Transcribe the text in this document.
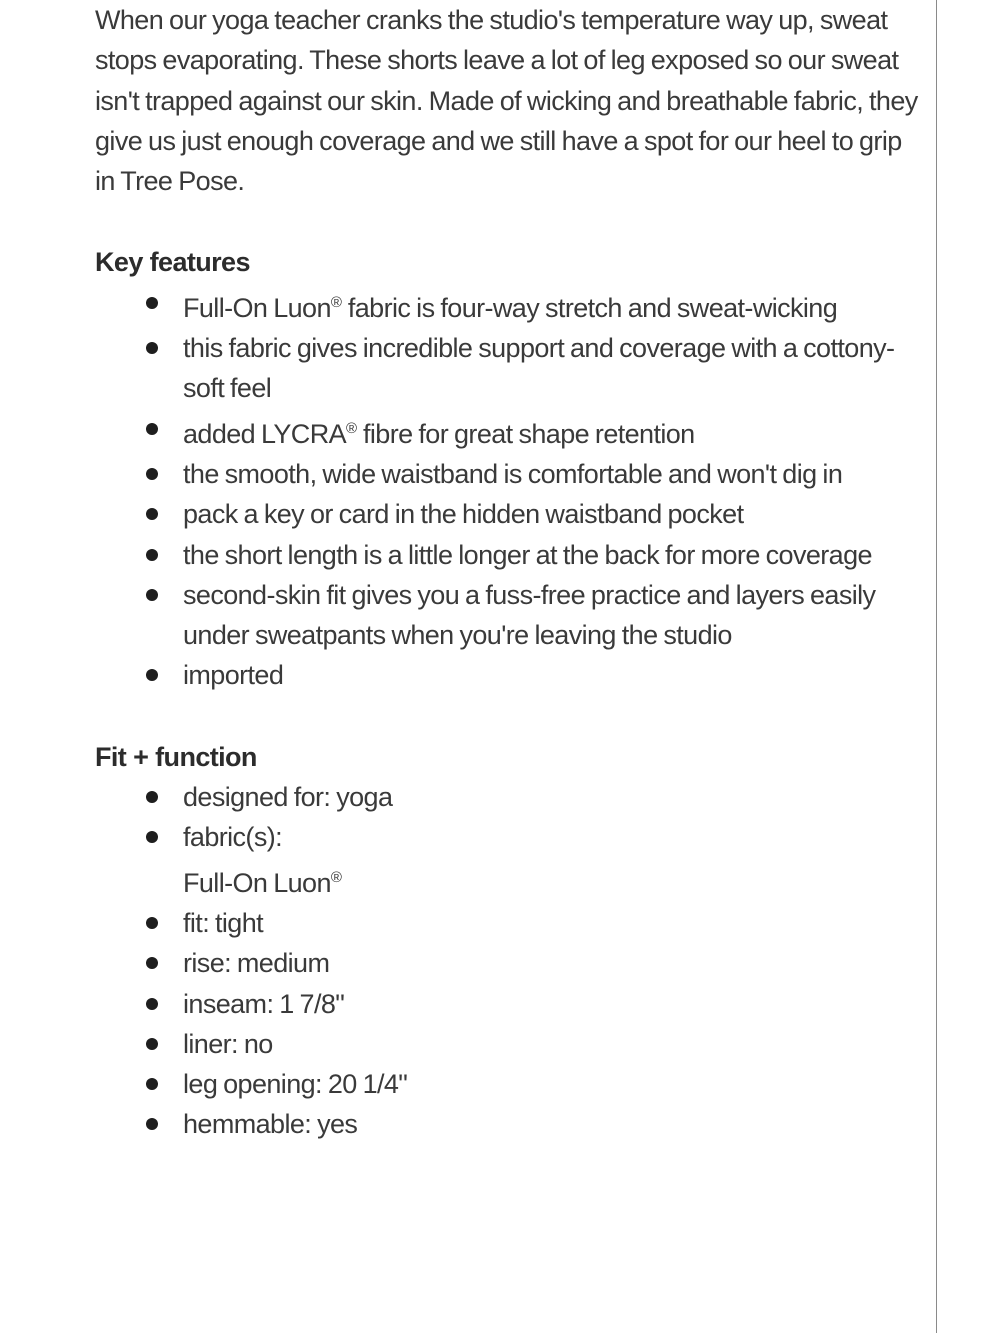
When our yoga teacher cranks the studio's temperature way up, sweat stops evaporating. These shorts leave a lot of leg exposed so our sweat isn't trapped against our skin. Made of wicking and breathable fabric, they give us just enough coverage and we still have a spot for our heel to grip in Tree Pose.

Key features
Full-On Luon® fabric is four-way stretch and sweat-wicking
this fabric gives incredible support and coverage with a cottony-soft feel
added LYCRA® fibre for great shape retention
the smooth, wide waistband is comfortable and won't dig in
pack a key or card in the hidden waistband pocket
the short length is a little longer at the back for more coverage
second-skin fit gives you a fuss-free practice and layers easily under sweatpants when you're leaving the studio
imported
Fit + function
designed for: yoga
fabric(s):
Full-On Luon®
fit: tight
rise: medium
inseam: 1 7/8"
liner: no
leg opening: 20 1/4"
hemmable: yes
